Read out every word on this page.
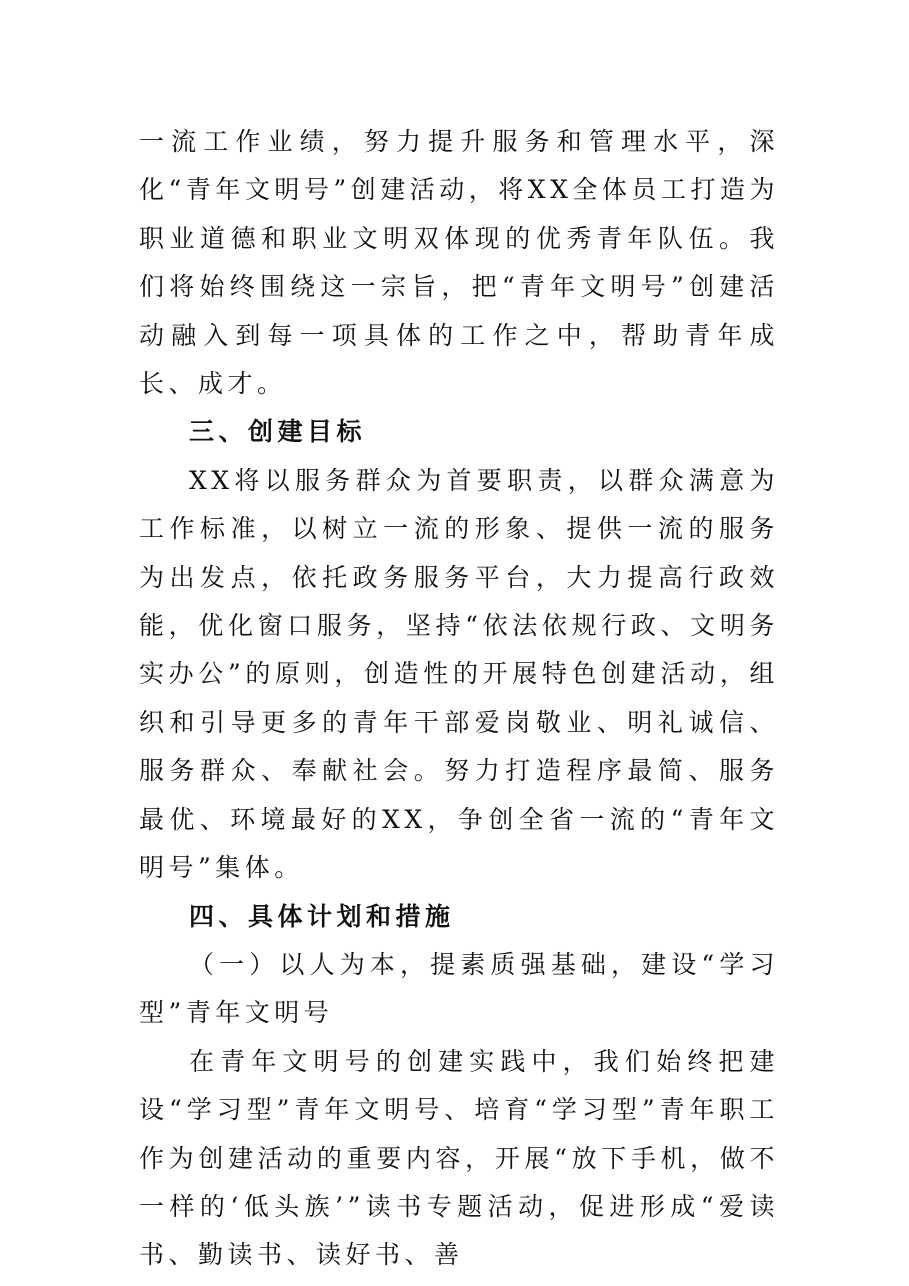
一流工作业绩，努力提升服务和管理水平，深化“青年文明号”创建活动，将XX全体员工打造为职业道德和职业文明双体现的优秀青年队伍。我们将始终围绕这一宗旨，把“青年文明号”创建活动融入到每一项具体的工作之中，帮助青年成长、成才。

三、创建目标

XX将以服务群众为首要职责，以群众满意为工作标准，以树立一流的形象、提供一流的服务为出发点，依托政务服务平台，大力提高行政效能，优化窗口服务，坚持“依法依规行政、文明务实办公”的原则，创造性的开展特色创建活动，组织和引导更多的青年干部爱岗敬业、明礼诚信、服务群众、奉献社会。努力打造程序最简、服务最优、环境最好的XX，争创全省一流的“青年文明号”集体。

四、具体计划和措施

（一）以人为本，提素质强基础，建设“学习型”青年文明号

在青年文明号的创建实践中，我们始终把建设“学习型”青年文明号、培育“学习型”青年职工作为创建活动的重要内容，开展“放下手机，做不一样的‘低头族’”读书专题活动，促进形成“爱读书、勤读书、读好书、善
